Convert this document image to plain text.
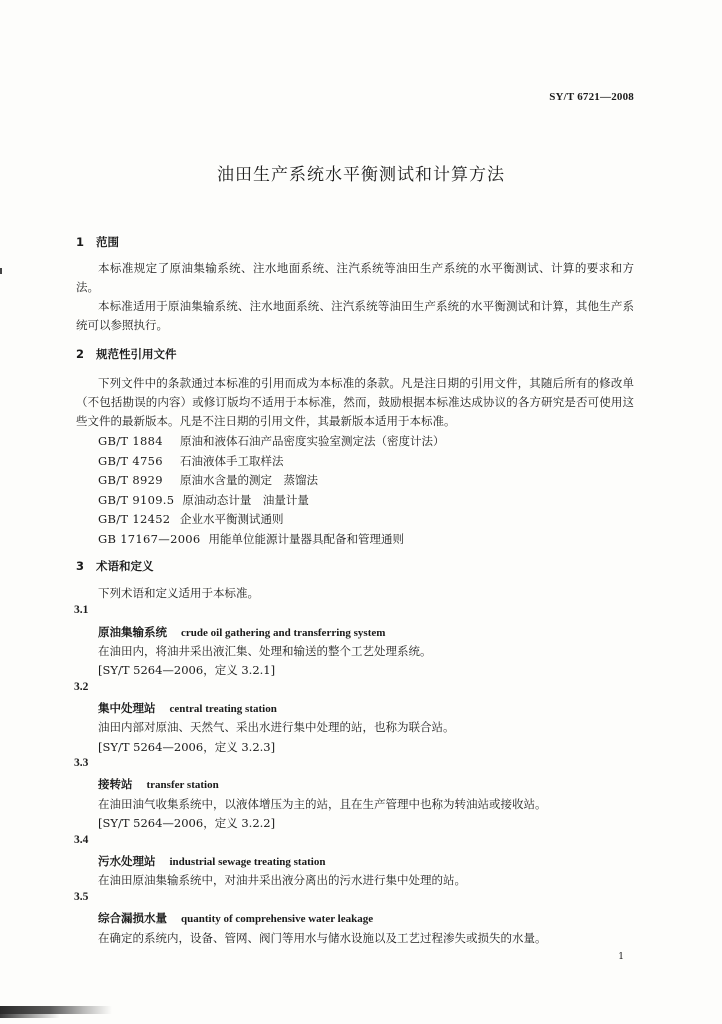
SY/T 6721—2008
油田生产系统水平衡测试和计算方法
1 范围

本标准规定了原油集输系统、注水地面系统、注汽系统等油田生产系统的水平衡测试、计算的要求和方法。

本标准适用于原油集输系统、注水地面系统、注汽系统等油田生产系统的水平衡测试和计算，其他生产系统可以参照执行。

2 规范性引用文件

下列文件中的条款通过本标准的引用而成为本标准的条款。凡是注日期的引用文件，其随后所有的修改单（不包括勘误的内容）或修订版均不适用于本标准，然而，鼓励根据本标准达成协议的各方研究是否可使用这些文件的最新版本。凡是不注日期的引用文件，其最新版本适用于本标准。

GB/T 1884 原油和液体石油产品密度实验室测定法（密度计法）
GB/T 4756 石油液体手工取样法
GB/T 8929 原油水含量的测定　蒸馏法
GB/T 9109.5 原油动态计量　油量计量
GB/T 12452 企业水平衡测试通则
GB 17167—2006 用能单位能源计量器具配备和管理通则
3 术语和定义

下列术语和定义适用于本标准。

3.1
原油集输系统 crude oil gathering and transferring system
在油田内，将油井采出液汇集、处理和输送的整个工艺处理系统。
[SY/T 5264—2006，定义 3.2.1]
3.2
集中处理站 central treating station
油田内部对原油、天然气、采出水进行集中处理的站，也称为联合站。
[SY/T 5264—2006，定义 3.2.3]
3.3
接转站 transfer station
在油田油气收集系统中，以液体增压为主的站，且在生产管理中也称为转油站或接收站。
[SY/T 5264—2006，定义 3.2.2]
3.4
污水处理站 industrial sewage treating station
在油田原油集输系统中，对油井采出液分离出的污水进行集中处理的站。
3.5
综合漏损水量 quantity of comprehensive water leakage
在确定的系统内，设备、管网、阀门等用水与储水设施以及工艺过程渗失或损失的水量。
1
